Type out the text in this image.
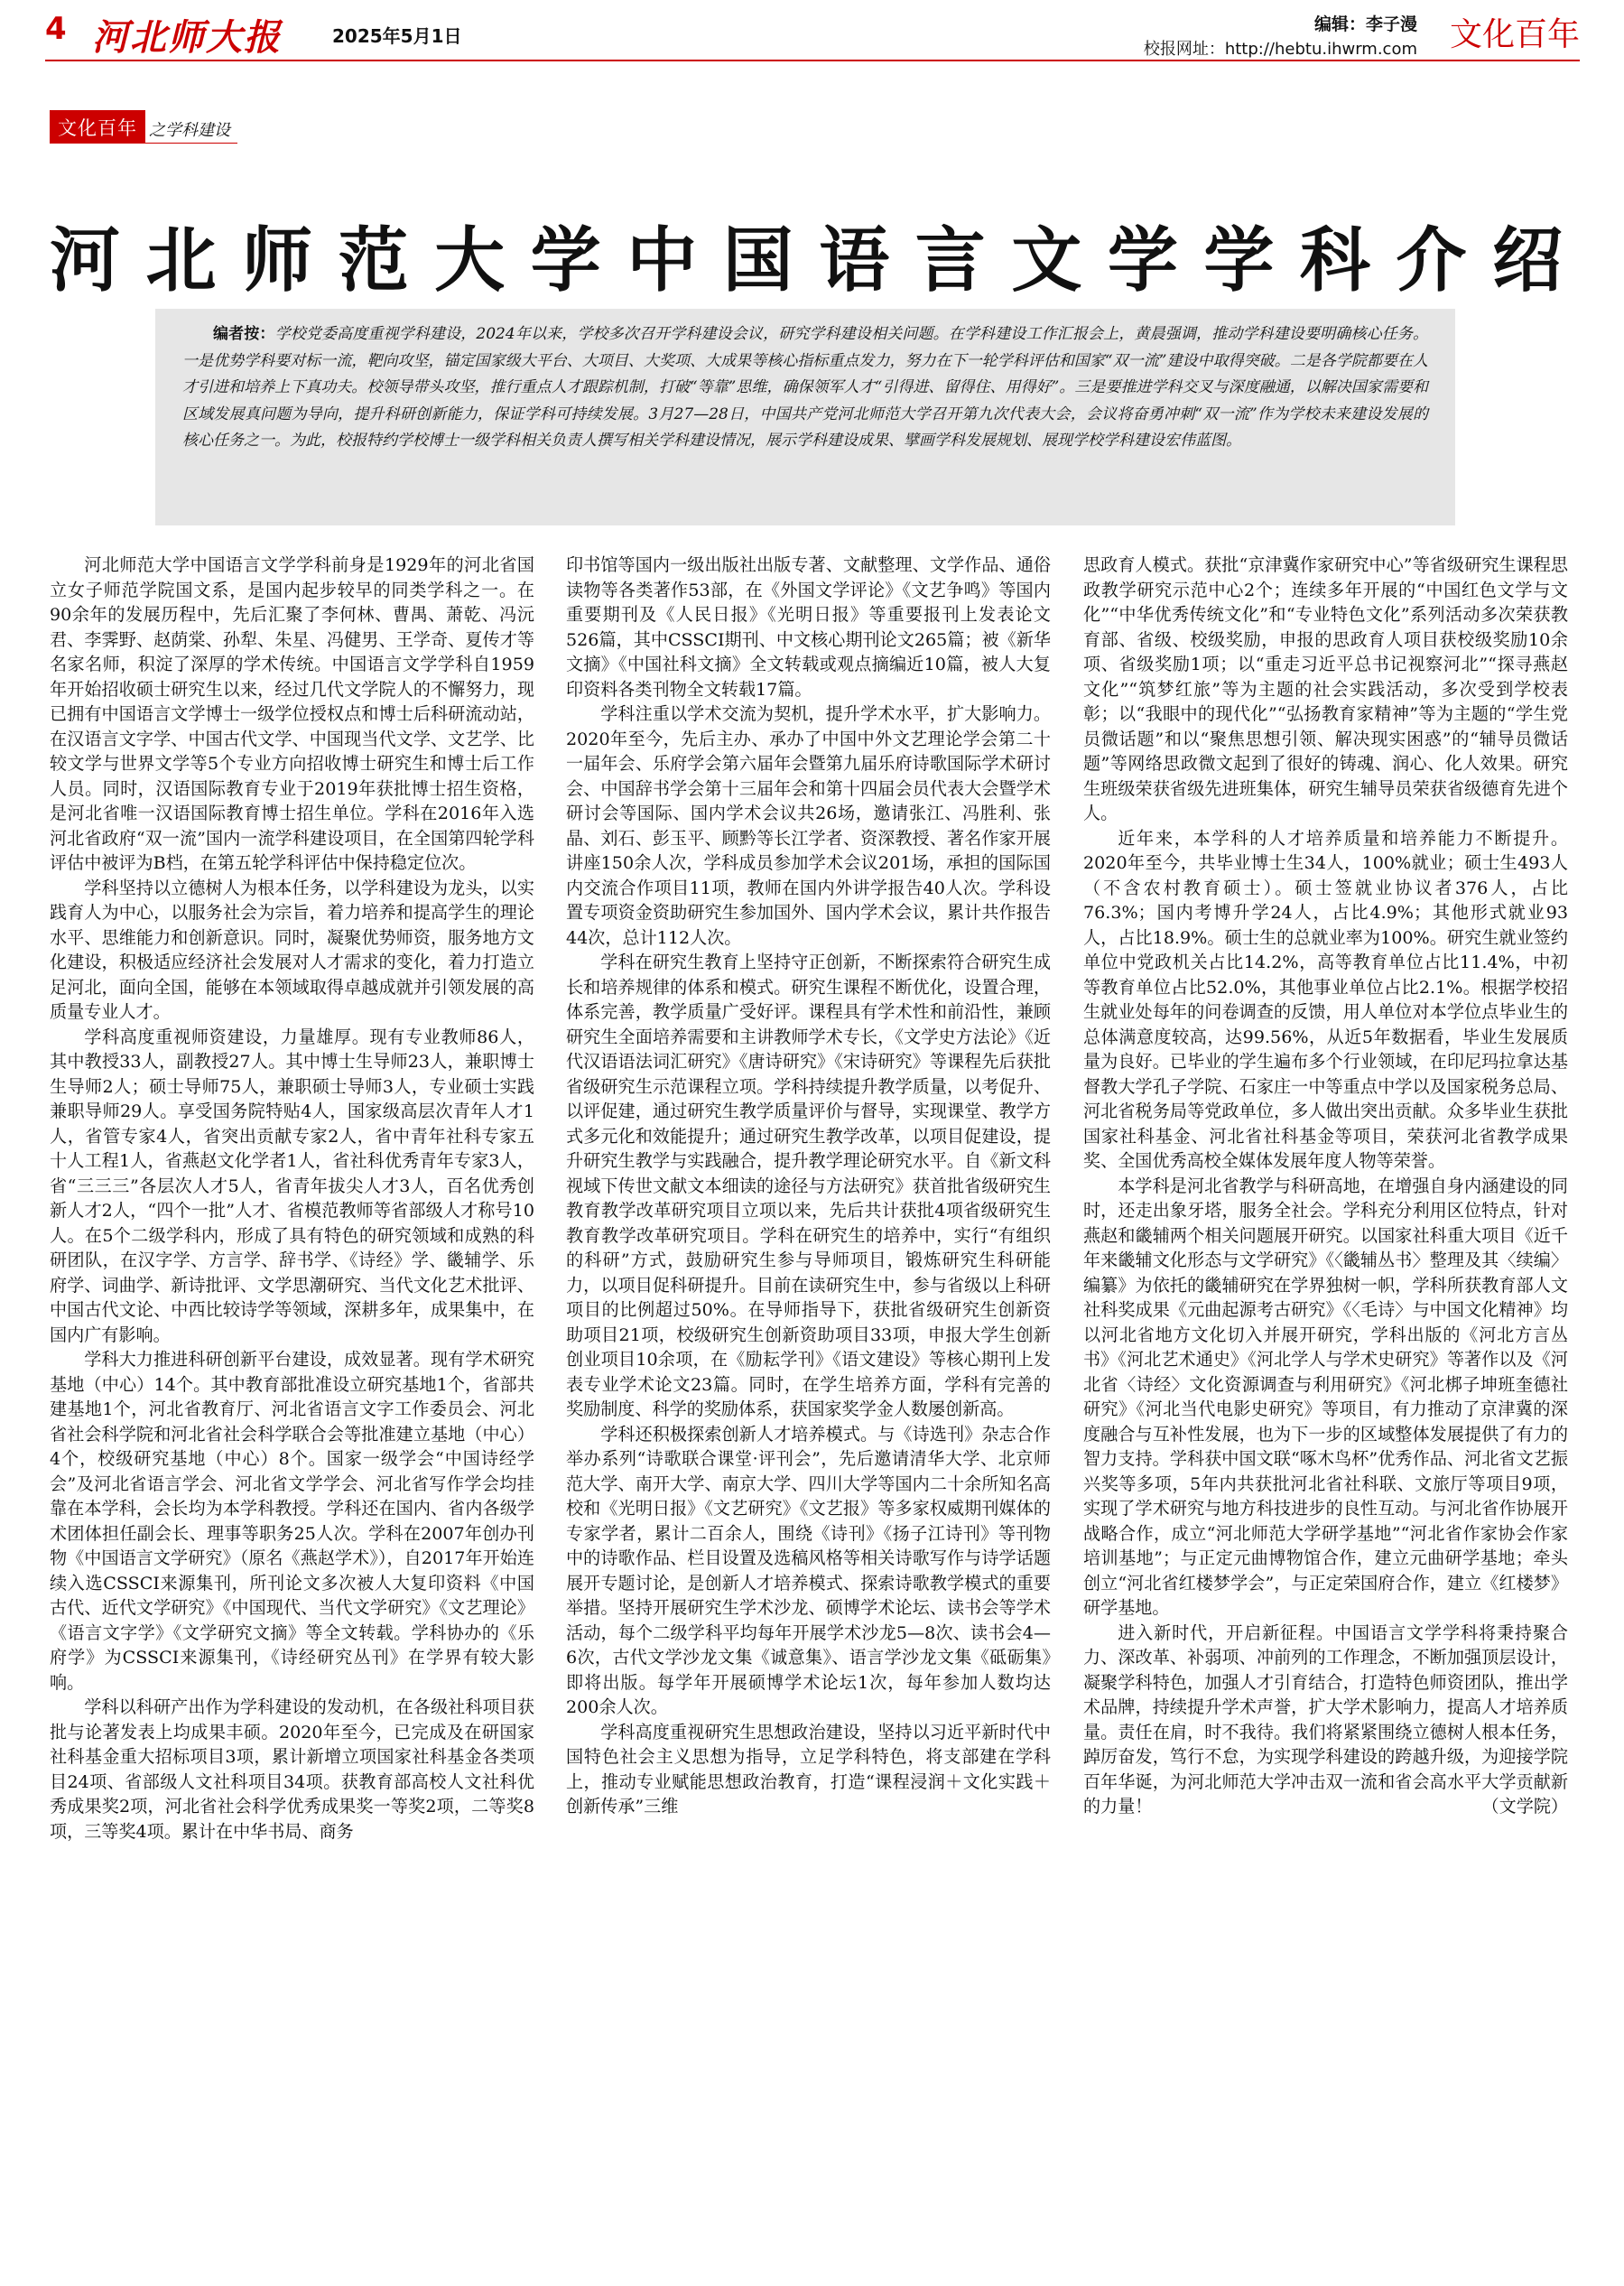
4 河北师大报	2025年5月1日
编辑：李子漫
校报网址：http://hebtu.ihwrm.com 文化百年
文化百年 之学科建设
河北师范大学中国语言文学学科介绍

编者按：学校党委高度重视学科建设，2024年以来，学校多次召开学科建设会议，研究学科建设相关问题。在学科建设工作汇报会上，黄晨强调，推动学科建设要明确核心任务。一是优势学科要对标一流，靶向攻坚，锚定国家级大平台、大项目、大奖项、大成果等核心指标重点发力，努力在下一轮学科评估和国家“双一流”建设中取得突破。二是各学院都要在人才引进和培养上下真功夫。校领导带头攻坚，推行重点人才跟踪机制，打破“等靠”思维，确保领军人才“引得进、留得住、用得好”。三是要推进学科交叉与深度融通，以解决国家需要和区域发展真问题为导向，提升科研创新能力，保证学科可持续发展。3月27—28日，中国共产党河北师范大学召开第九次代表大会，会议将奋勇冲刺“双一流”作为学校未来建设发展的核心任务之一。为此，校报特约学校博士一级学科相关负责人撰写相关学科建设情况，展示学科建设成果、擘画学科发展规划、展现学校学科建设宏伟蓝图。

河北师范大学中国语言文学学科前身是1929年的河北省国立女子师范学院国文系，是国内起步较早的同类学科之一。在90余年的发展历程中，先后汇聚了李何林、曹禺、萧乾、冯沅君、李霁野、赵荫棠、孙犁、朱星、冯健男、王学奇、夏传才等名家名师，积淀了深厚的学术传统。中国语言文学学科自1959年开始招收硕士研究生以来，经过几代文学院人的不懈努力，现已拥有中国语言文学博士一级学位授权点和博士后科研流动站，在汉语言文字学、中国古代文学、中国现当代文学、文艺学、比较文学与世界文学等5个专业方向招收博士研究生和博士后工作人员。同时，汉语国际教育专业于2019年获批博士招生资格，是河北省唯一汉语国际教育博士招生单位。学科在2016年入选河北省政府“双一流”国内一流学科建设项目，在全国第四轮学科评估中被评为B档，在第五轮学科评估中保持稳定位次。

学科坚持以立德树人为根本任务，以学科建设为龙头，以实践育人为中心，以服务社会为宗旨，着力培养和提高学生的理论水平、思维能力和创新意识。同时，凝聚优势师资，服务地方文化建设，积极适应经济社会发展对人才需求的变化，着力打造立足河北，面向全国，能够在本领域取得卓越成就并引领发展的高质量专业人才。

学科高度重视师资建设，力量雄厚。现有专业教师86人，其中教授33人，副教授27人。其中博士生导师23人，兼职博士生导师2人；硕士导师75人，兼职硕士导师3人，专业硕士实践兼职导师29人。享受国务院特贴4人，国家级高层次青年人才1人，省管专家4人，省突出贡献专家2人，省中青年社科专家五十人工程1人，省燕赵文化学者1人，省社科优秀青年专家3人，省“三三三”各层次人才5人，省青年拔尖人才3人，百名优秀创新人才2人，“四个一批”人才、省模范教师等省部级人才称号10人。在5个二级学科内，形成了具有特色的研究领域和成熟的科研团队，在汉字学、方言学、辞书学、《诗经》学、畿辅学、乐府学、词曲学、新诗批评、文学思潮研究、当代文化艺术批评、中国古代文论、中西比较诗学等领域，深耕多年，成果集中，在国内广有影响。

学科大力推进科研创新平台建设，成效显著。现有学术研究基地（中心）14个。其中教育部批准设立研究基地1个，省部共建基地1个，河北省教育厅、河北省语言文字工作委员会、河北省社会科学院和河北省社会科学联合会等批准建立基地（中心）4个，校级研究基地（中心）8个。国家一级学会“中国诗经学会”及河北省语言学会、河北省文学学会、河北省写作学会均挂靠在本学科，会长均为本学科教授。学科还在国内、省内各级学术团体担任副会长、理事等职务25人次。学科在2007年创办刊物《中国语言文学研究》（原名《燕赵学术》），自2017年开始连续入选CSSCI来源集刊，所刊论文多次被人大复印资料《中国古代、近代文学研究》《中国现代、当代文学研究》《文艺理论》《语言文字学》《文学研究文摘》等全文转载。学科协办的《乐府学》为CSSCI来源集刊，《诗经研究丛刊》在学界有较大影响。

学科以科研产出作为学科建设的发动机，在各级社科项目获批与论著发表上均成果丰硕。2020年至今，已完成及在研国家社科基金重大招标项目3项，累计新增立项国家社科基金各类项目24项、省部级人文社科项目34项。获教育部高校人文社科优秀成果奖2项，河北省社会科学优秀成果奖一等奖2项，二等奖8项，三等奖4项。累计在中华书局、商务

印书馆等国内一级出版社出版专著、文献整理、文学作品、通俗读物等各类著作53部，在《外国文学评论》《文艺争鸣》等国内重要期刊及《人民日报》《光明日报》等重要报刊上发表论文526篇，其中CSSCI期刊、中文核心期刊论文265篇；被《新华文摘》《中国社科文摘》全文转载或观点摘编近10篇，被人大复印资料各类刊物全文转载17篇。

学科注重以学术交流为契机，提升学术水平，扩大影响力。2020年至今，先后主办、承办了中国中外文艺理论学会第二十一届年会、乐府学会第六届年会暨第九届乐府诗歌国际学术研讨会、中国辞书学会第十三届年会和第十四届会员代表大会暨学术研讨会等国际、国内学术会议共26场，邀请张江、冯胜利、张晶、刘石、彭玉平、顾黔等长江学者、资深教授、著名作家开展讲座150余人次，学科成员参加学术会议201场，承担的国际国内交流合作项目11项，教师在国内外讲学报告40人次。学科设置专项资金资助研究生参加国外、国内学术会议，累计共作报告44次，总计112人次。

学科在研究生教育上坚持守正创新，不断探索符合研究生成长和培养规律的体系和模式。研究生课程不断优化，设置合理，体系完善，教学质量广受好评。课程具有学术性和前沿性，兼顾研究生全面培养需要和主讲教师学术专长，《文学史方法论》《近代汉语语法词汇研究》《唐诗研究》《宋诗研究》等课程先后获批省级研究生示范课程立项。学科持续提升教学质量，以考促升、以评促建，通过研究生教学质量评价与督导，实现课堂、教学方式多元化和效能提升；通过研究生教学改革，以项目促建设，提升研究生教学与实践融合，提升教学理论研究水平。自《新文科视域下传世文献文本细读的途径与方法研究》获首批省级研究生教育教学改革研究项目立项以来，先后共计获批4项省级研究生教育教学改革研究项目。学科在研究生的培养中，实行“有组织的科研”方式，鼓励研究生参与导师项目，锻炼研究生科研能力，以项目促科研提升。目前在读研究生中，参与省级以上科研项目的比例超过50%。在导师指导下，获批省级研究生创新资助项目21项，校级研究生创新资助项目33项，申报大学生创新创业项目10余项，在《励耘学刊》《语文建设》等核心期刊上发表专业学术论文23篇。同时，在学生培养方面，学科有完善的奖励制度、科学的奖励体系，获国家奖学金人数屡创新高。

学科还积极探索创新人才培养模式。与《诗选刊》杂志合作举办系列“诗歌联合课堂·评刊会”，先后邀请清华大学、北京师范大学、南开大学、南京大学、四川大学等国内二十余所知名高校和《光明日报》《文艺研究》《文艺报》等多家权威期刊媒体的专家学者，累计二百余人，围绕《诗刊》《扬子江诗刊》等刊物中的诗歌作品、栏目设置及选稿风格等相关诗歌写作与诗学话题展开专题讨论，是创新人才培养模式、探索诗歌教学模式的重要举措。坚持开展研究生学术沙龙、硕博学术论坛、读书会等学术活动，每个二级学科平均每年开展学术沙龙5—8次、读书会4—6次，古代文学沙龙文集《诚意集》、语言学沙龙文集《砥砺集》即将出版。每学年开展硕博学术论坛1次，每年参加人数均达200余人次。

学科高度重视研究生思想政治建设，坚持以习近平新时代中国特色社会主义思想为指导，立足学科特色，将支部建在学科上，推动专业赋能思想政治教育，打造“课程浸润＋文化实践＋创新传承”三维

思政育人模式。获批“京津冀作家研究中心”等省级研究生课程思政教学研究示范中心2个；连续多年开展的“中国红色文学与文化”“中华优秀传统文化”和“专业特色文化”系列活动多次荣获教育部、省级、校级奖励，申报的思政育人项目获校级奖励10余项、省级奖励1项；以“重走习近平总书记视察河北”“探寻燕赵文化”“筑梦红旅”等为主题的社会实践活动，多次受到学校表彰；以“我眼中的现代化”“弘扬教育家精神”等为主题的“学生党员微话题”和以“聚焦思想引领、解决现实困惑”的“辅导员微话题”等网络思政微文起到了很好的铸魂、润心、化人效果。研究生班级荣获省级先进班集体，研究生辅导员荣获省级德育先进个人。

近年来，本学科的人才培养质量和培养能力不断提升。2020年至今，共毕业博士生34人，100%就业；硕士生493人（不含农村教育硕士）。硕士签就业协议者376人，占比76.3%；国内考博升学24人，占比4.9%；其他形式就业93人，占比18.9%。硕士生的总就业率为100%。研究生就业签约单位中党政机关占比14.2%，高等教育单位占比11.4%，中初等教育单位占比52.0%，其他事业单位占比2.1%。根据学校招生就业处每年的问卷调查的反馈，用人单位对本学位点毕业生的总体满意度较高，达99.56%，从近5年数据看，毕业生发展质量为良好。已毕业的学生遍布多个行业领域，在印尼玛拉拿达基督教大学孔子学院、石家庄一中等重点中学以及国家税务总局、河北省税务局等党政单位，多人做出突出贡献。众多毕业生获批国家社科基金、河北省社科基金等项目，荣获河北省教学成果奖、全国优秀高校全媒体发展年度人物等荣誉。

本学科是河北省教学与科研高地，在增强自身内涵建设的同时，还走出象牙塔，服务全社会。学科充分利用区位特点，针对燕赵和畿辅两个相关问题展开研究。以国家社科重大项目《近千年来畿辅文化形态与文学研究》《〈畿辅丛书〉整理及其〈续编〉编纂》为依托的畿辅研究在学界独树一帜，学科所获教育部人文社科奖成果《元曲起源考古研究》《〈毛诗〉与中国文化精神》均以河北省地方文化切入并展开研究，学科出版的《河北方言丛书》《河北艺术通史》《河北学人与学术史研究》等著作以及《河北省〈诗经〉文化资源调查与利用研究》《河北梆子坤班奎德社研究》《河北当代电影史研究》等项目，有力推动了京津冀的深度融合与互补性发展，也为下一步的区域整体发展提供了有力的智力支持。学科获中国文联“啄木鸟杯”优秀作品、河北省文艺振兴奖等多项，5年内共获批河北省社科联、文旅厅等项目9项，实现了学术研究与地方科技进步的良性互动。与河北省作协展开战略合作，成立“河北师范大学研学基地”“河北省作家协会作家培训基地”；与正定元曲博物馆合作，建立元曲研学基地；牵头创立“河北省红楼梦学会”，与正定荣国府合作，建立《红楼梦》研学基地。

进入新时代，开启新征程。中国语言文学学科将秉持聚合力、深改革、补弱项、冲前列的工作理念，不断加强顶层设计，凝聚学科特色，加强人才引育结合，打造特色师资团队，推出学术品牌，持续提升学术声誉，扩大学术影响力，提高人才培养质量。责任在肩，时不我待。我们将紧紧围绕立德树人根本任务，踔厉奋发，笃行不怠，为实现学科建设的跨越升级，为迎接学院百年华诞，为河北师范大学冲击双一流和省会高水平大学贡献新的力量！	（文学院）
